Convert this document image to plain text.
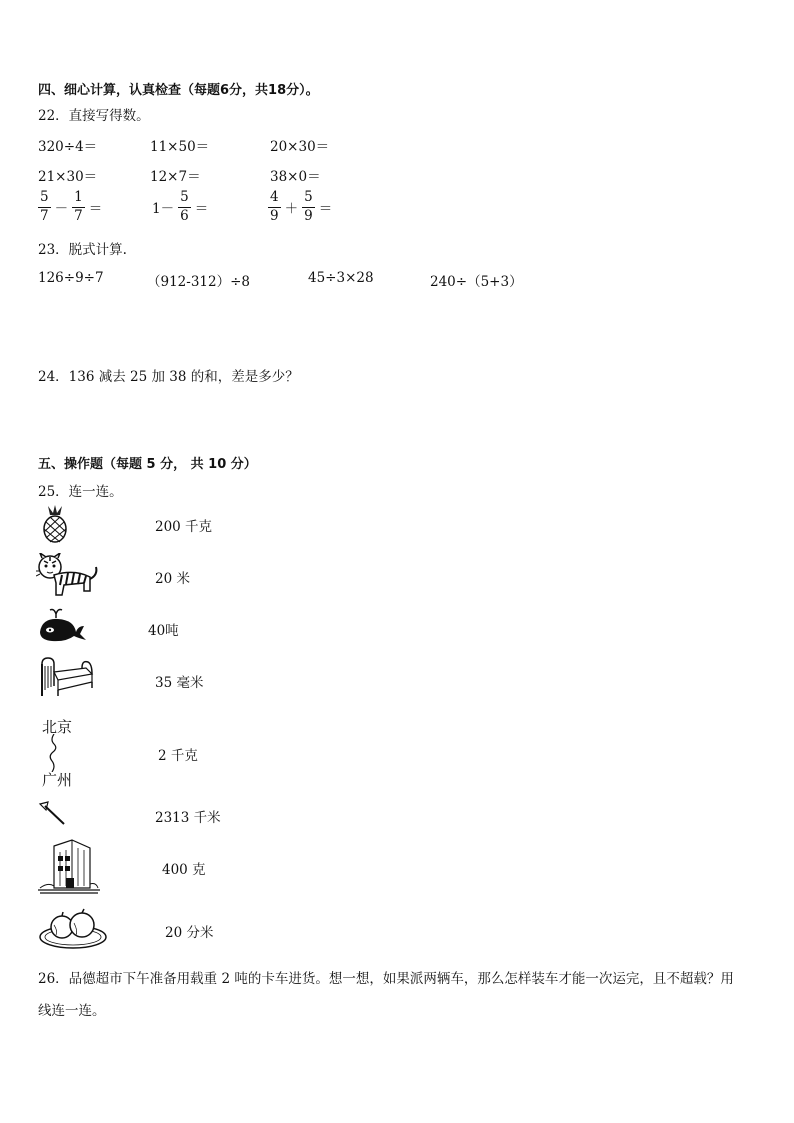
四、细心计算，认真检查（每题6分，共18分）。
22．直接写得数。
320÷4＝	11×50＝	20×30＝
21×30＝	12×7＝	38×0＝
$\frac{5}{7} - \frac{1}{7}$ ＝	$1- \frac{5}{6}$ ＝	$\frac{4}{9} + \frac{5}{9}$ ＝
23．脱式计算.
126÷9÷7	（912-312）÷8	45÷3×28	240÷（5+3）
24．136 减去 25 加 38 的和，差是多少？
五、操作题（每题 5 分， 共 10 分）
25．连一连。
北京
广州
200 千克
20 米
40吨
35 毫米
2 千克
2313 千米
400 克
20 分米
26．品德超市下午准备用载重 2 吨的卡车进货。想一想，如果派两辆车，那么怎样装车才能一次运完，且不超载？用
线连一连。
